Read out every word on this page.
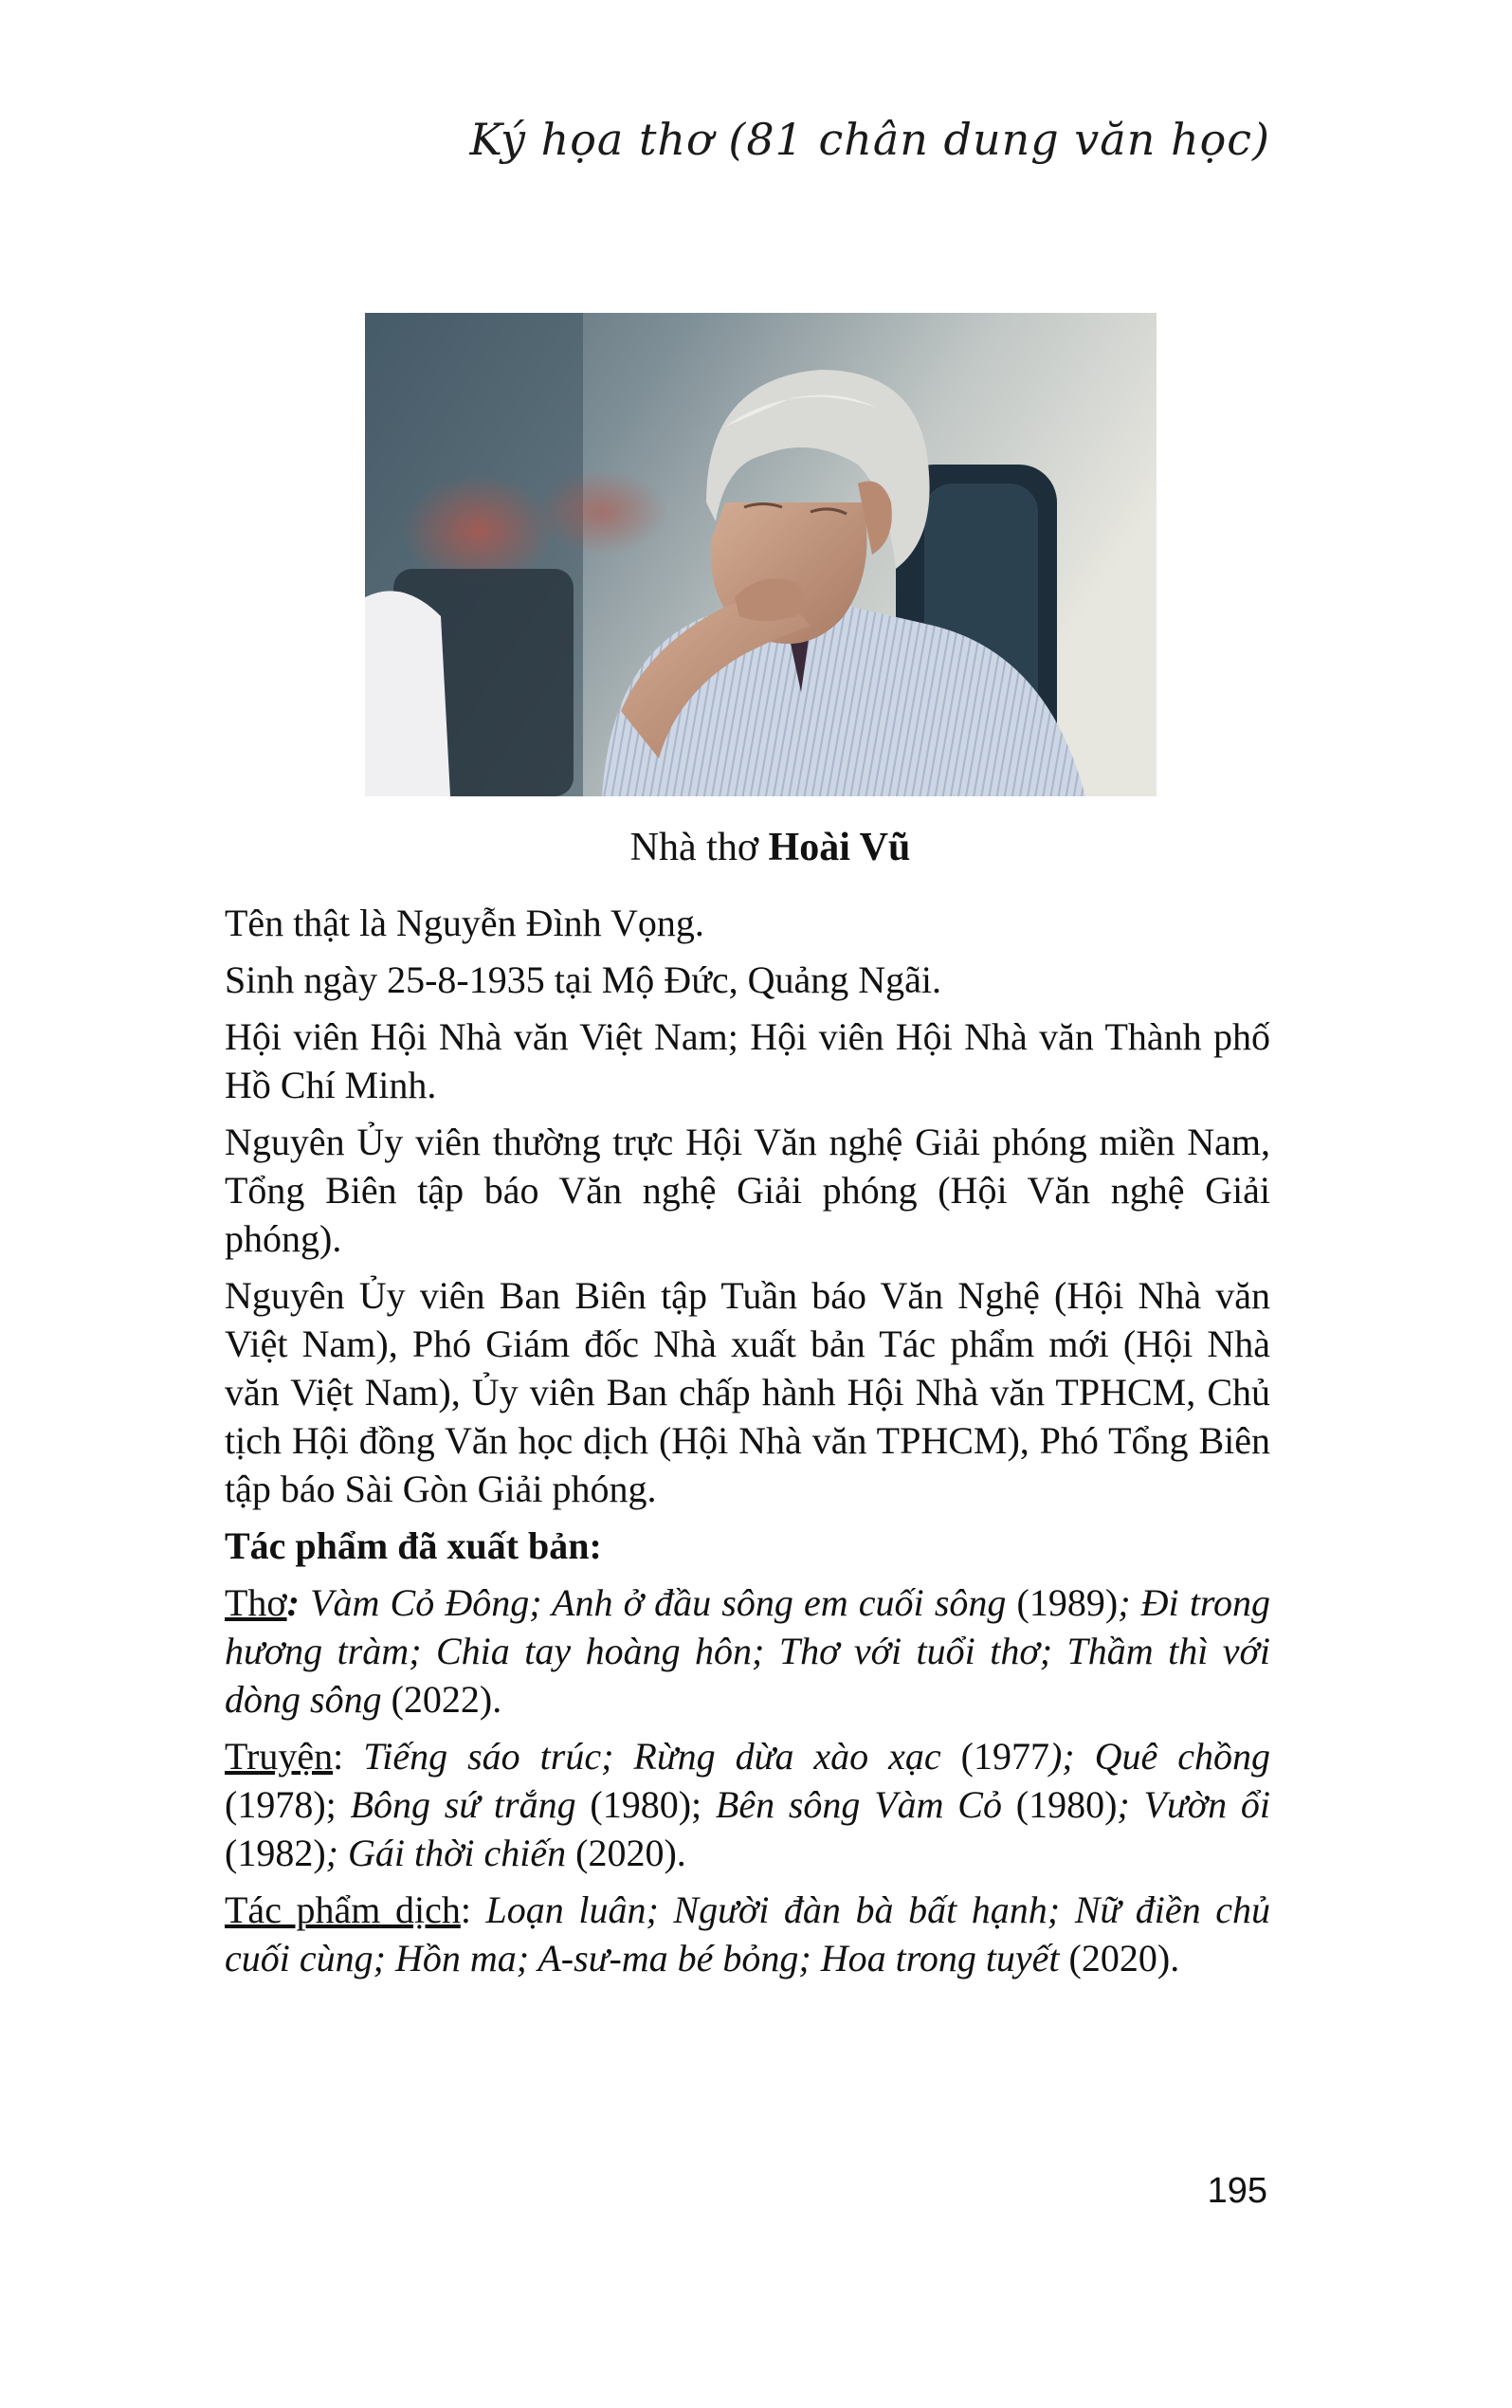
Ký họa thơ (81 chân dung văn học)
Nhà thơ Hoài Vũ

Tên thật là Nguyễn Đình Vọng.

Sinh ngày 25-8-1935 tại Mộ Đức, Quảng Ngãi.

Hội viên Hội Nhà văn Việt Nam; Hội viên Hội Nhà văn Thành phố Hồ Chí Minh.

Nguyên Ủy viên thường trực Hội Văn nghệ Giải phóng miền Nam, Tổng Biên tập báo Văn nghệ Giải phóng (Hội Văn nghệ Giải phóng).

Nguyên Ủy viên Ban Biên tập Tuần báo Văn Nghệ (Hội Nhà văn Việt Nam), Phó Giám đốc Nhà xuất bản Tác phẩm mới (Hội Nhà văn Việt Nam), Ủy viên Ban chấp hành Hội Nhà văn TPHCM, Chủ tịch Hội đồng Văn học dịch (Hội Nhà văn TPHCM), Phó Tổng Biên tập báo Sài Gòn Giải phóng.

Tác phẩm đã xuất bản:

Thơ: Vàm Cỏ Đông; Anh ở đầu sông em cuối sông (1989); Đi trong hương tràm; Chia tay hoàng hôn; Thơ với tuổi thơ; Thầm thì với dòng sông (2022).

Truyện: Tiếng sáo trúc; Rừng dừa xào xạc (1977); Quê chồng (1978); Bông sứ trắng (1980); Bên sông Vàm Cỏ (1980); Vườn ổi (1982); Gái thời chiến (2020).

Tác phẩm dịch: Loạn luân; Người đàn bà bất hạnh; Nữ điền chủ cuối cùng; Hồn ma; A-sư-ma bé bỏng; Hoa trong tuyết (2020).

195
